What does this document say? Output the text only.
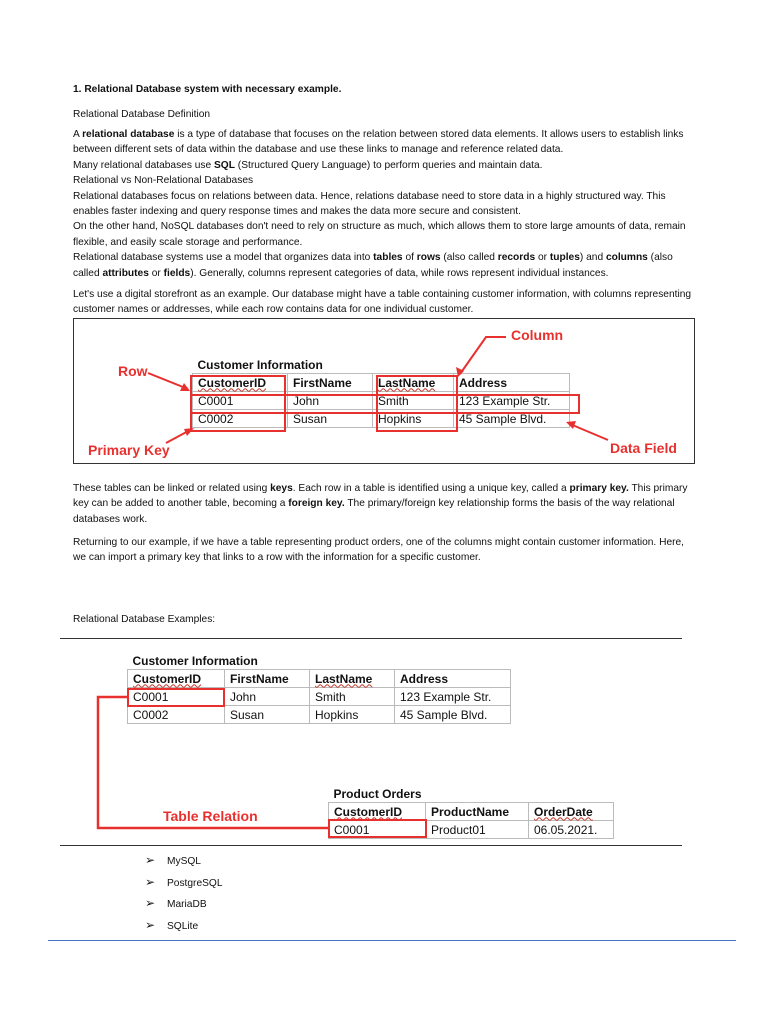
1. Relational Database system with necessary example.
Relational Database Definition
A relational database is a type of database that focuses on the relation between stored data elements. It allows users to establish links between different sets of data within the database and use these links to manage and reference related data.
Many relational databases use SQL (Structured Query Language) to perform queries and maintain data.
Relational vs Non-Relational Databases
Relational databases focus on relations between data. Hence, relations database need to store data in a highly structured way. This enables faster indexing and query response times and makes the data more secure and consistent.
On the other hand, NoSQL databases don't need to rely on structure as much, which allows them to store large amounts of data, remain flexible, and easily scale storage and performance.
Relational database systems use a model that organizes data into tables of rows (also called records or tuples) and columns (also called attributes or fields). Generally, columns represent categories of data, while rows represent individual instances.
Let's use a digital storefront as an example. Our database might have a table containing customer information, with columns representing customer names or addresses, while each row contains data for one individual customer.
Customer Information			
CustomerID	FirstName	LastName	Address
C0001	John	Smith	123 Example Str.
C0002	Susan	Hopkins	45 Sample Blvd.
Row
Column
Primary Key	Data Field
These tables can be linked or related using keys. Each row in a table is identified using a unique key, called a primary key. This primary key can be added to another table, becoming a foreign key. The primary/foreign key relationship forms the basis of the way relational databases work.
Returning to our example, if we have a table representing product orders, one of the columns might contain customer information. Here, we can import a primary key that links to a row with the information for a specific customer.
Relational Database Examples:
Customer Information			
CustomerID	FirstName	LastName	Address
C0001	John	Smith	123 Example Str.
C0002	Susan	Hopkins	45 Sample Blvd.
Product Orders		
CustomerID	ProductName	OrderDate
C0001	Product01	06.05.2021.
Table Relation
➢ MySQL
➢ PostgreSQL
➢ MariaDB
➢ SQLite
